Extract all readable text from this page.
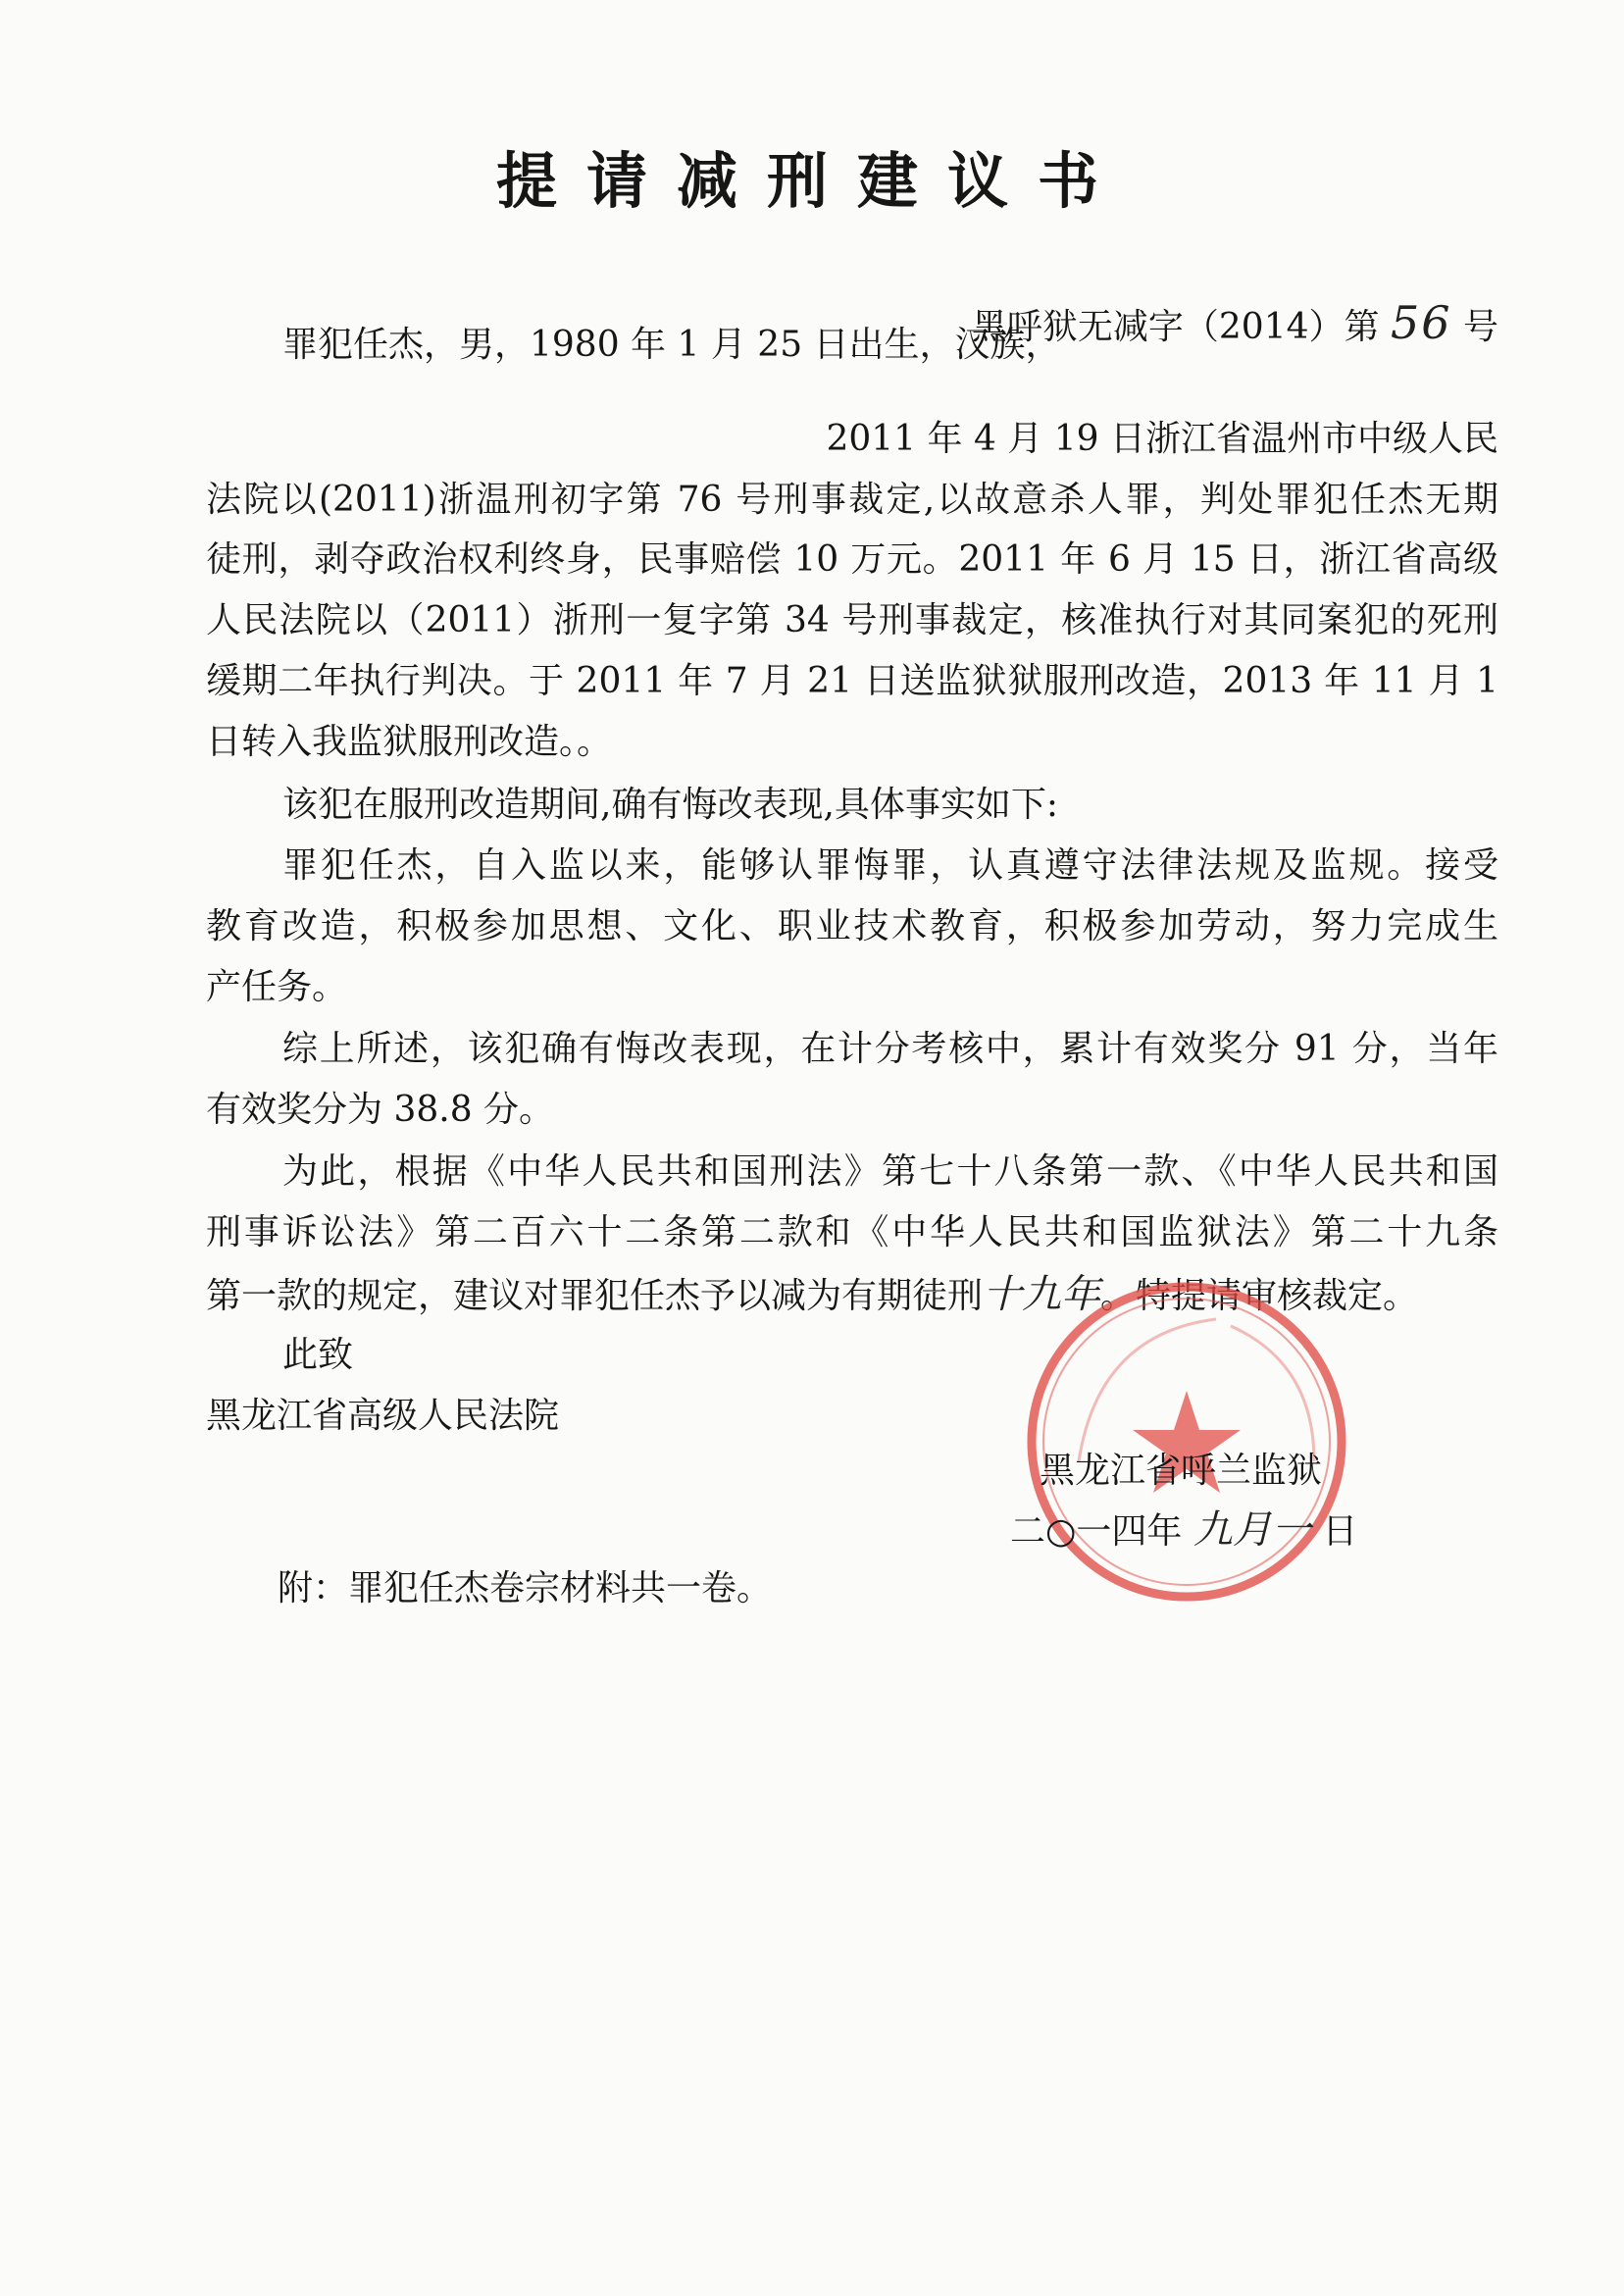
提请减刑建议书
黑呼狱无减字（2014）第 56 号
罪犯任杰，男，1980 年 1 月 25 日出生，汉族，
2011 年 4 月 19 日浙江省温州市中级人民
法院以(2011)浙温刑初字第 76 号刑事裁定,以故意杀人罪，判处罪犯任杰无期
徒刑，剥夺政治权利终身，民事赔偿 10 万元。2011 年 6 月 15 日，浙江省高级
人民法院以（2011）浙刑一复字第 34 号刑事裁定，核准执行对其同案犯的死刑
缓期二年执行判决。于 2011 年 7 月 21 日送监狱狱服刑改造，2013 年 11 月 1
日转入我监狱服刑改造。。
该犯在服刑改造期间,确有悔改表现,具体事实如下:
罪犯任杰，自入监以来，能够认罪悔罪，认真遵守法律法规及监规。接受
教育改造，积极参加思想、文化、职业技术教育，积极参加劳动，努力完成生
产任务。
综上所述，该犯确有悔改表现，在计分考核中，累计有效奖分 91 分，当年
有效奖分为 38.8 分。
为此，根据《中华人民共和国刑法》第七十八条第一款、《中华人民共和国
刑事诉讼法》第二百六十二条第二款和《中华人民共和国监狱法》第二十九条
第一款的规定，建议对罪犯任杰予以减为有期徒刑十九年。特提请审核裁定。
此致
黑龙江省高级人民法院
黑龙江省呼兰监狱
二○一四年 九月一 日
附：罪犯任杰卷宗材料共一卷。
